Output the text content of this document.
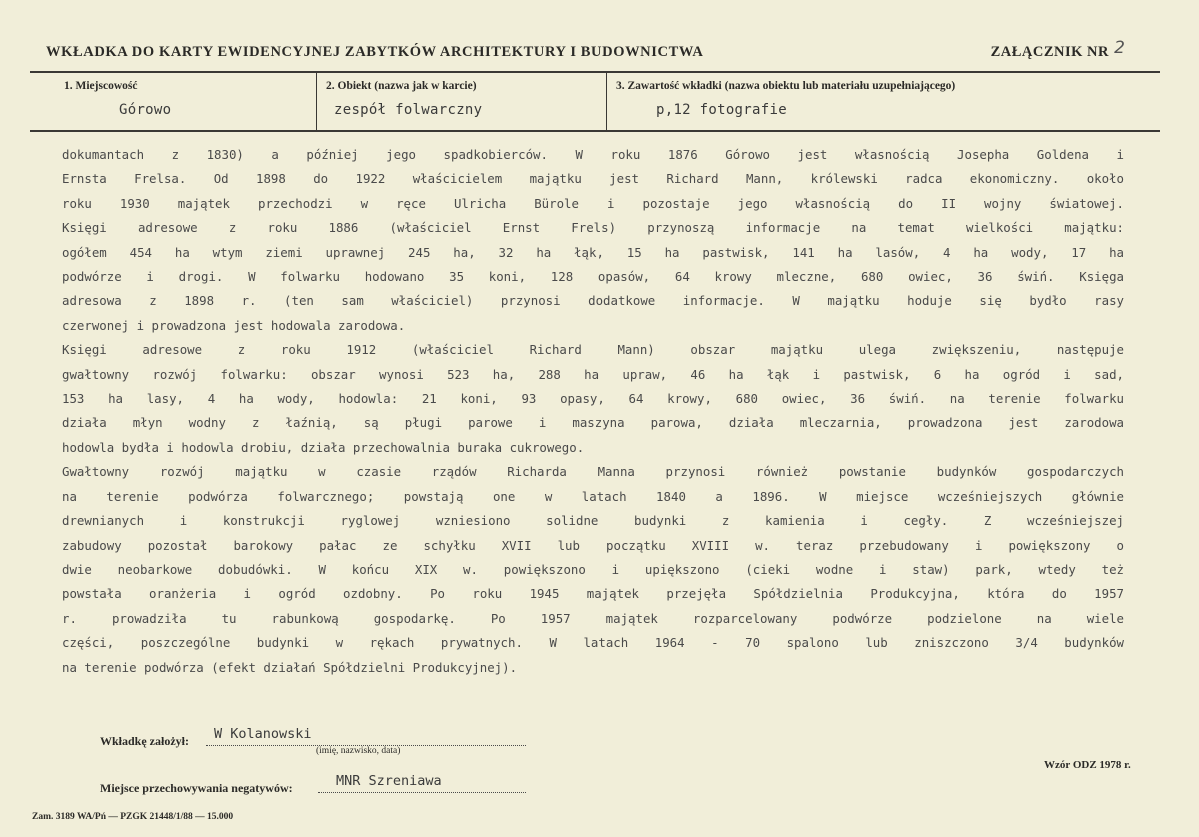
WKŁADKA DO KARTY EWIDENCYJNEJ ZABYTKÓW ARCHITEKTURY I BUDOWNICTWA	ZAŁĄCZNIK NR 2
1. Miejscowość
Górowo
2. Obiekt (nazwa jak w karcie)
zespół folwarczny
3. Zawartość wkładki (nazwa obiektu lub materiału uzupełniającego)
p,12 fotografie
dokumantach z 1830) a później jego spadkobierców. W roku 1876 Górowo jest własnością Josepha Goldena i
Ernsta Frelsa. Od 1898 do 1922 właścicielem majątku jest Richard Mann, królewski radca ekonomiczny. około
roku 1930 majątek przechodzi w ręce Ulricha Bürole i pozostaje jego własnością do II wojny światowej.
Księgi adresowe z roku 1886 (właściciel Ernst Frels) przynoszą informacje na temat wielkości majątku:
ogółem 454 ha wtym ziemi uprawnej 245 ha, 32 ha łąk, 15 ha pastwisk, 141 ha lasów, 4 ha wody, 17 ha
podwórze i drogi. W folwarku hodowano 35 koni, 128 opasów, 64 krowy mleczne, 680 owiec, 36 świń. Księga
adresowa z 1898 r. (ten sam właściciel) przynosi dodatkowe informacje. W majątku hoduje się bydło rasy
czerwonej i prowadzona jest hodowala zarodowa.
Księgi adresowe z roku 1912 (właściciel Richard Mann) obszar majątku ulega zwiększeniu, następuje
gwałtowny rozwój folwarku: obszar wynosi 523 ha, 288 ha upraw, 46 ha łąk i pastwisk, 6 ha ogród i sad,
153 ha lasy, 4 ha wody, hodowla: 21 koni, 93 opasy, 64 krowy, 680 owiec, 36 świń. na terenie folwarku
działa młyn wodny z łaźnią, są pługi parowe i maszyna parowa, działa mleczarnia, prowadzona jest zarodowa
hodowla bydła i hodowla drobiu, działa przechowalnia buraka cukrowego.
Gwałtowny rozwój majątku w czasie rządów Richarda Manna przynosi również powstanie budynków gospodarczych
na terenie podwórza folwarcznego; powstają one w latach 1840 a 1896. W miejsce wcześniejszych głównie
drewnianych i konstrukcji ryglowej wzniesiono solidne budynki z kamienia i cegły. Z wcześniejszej
zabudowy pozostał barokowy pałac ze schyłku XVII lub początku XVIII w. teraz przebudowany i powiększony o
dwie neobarkowe dobudówki. W końcu XIX w. powiększono i upiększono (cieki wodne i staw) park, wtedy też
powstała oranżeria i ogród ozdobny. Po roku 1945 majątek przejęła Spółdzielnia Produkcyjna, która do 1957
r. prowadziła tu rabunkową gospodarkę. Po 1957 majątek rozparcelowany podwórze podzielone na wiele
części, poszczególne budynki w rękach prywatnych. W latach 1964 - 70 spalono lub zniszczono 3/4 budynków
na terenie podwórza (efekt działań Spółdzielni Produkcyjnej).
Wkładkę założył: W Kolanowski
(imię, nazwisko, data)
Miejsce przechowywania negatywów:	MNR Szreniawa
Wzór ODZ 1978 r.
Zam. 3189 WA/Pń — PZGK 21448/1/88 — 15.000
